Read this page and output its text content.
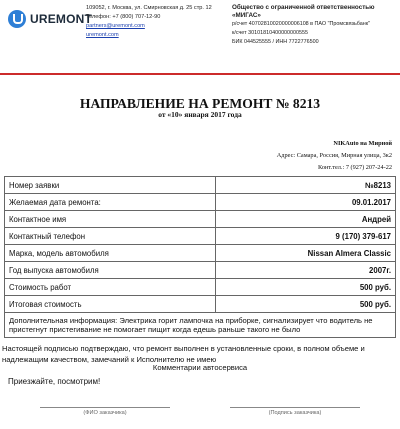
UREMONT
109052, г. Москва, ул. Смирновская д. 25 стр. 12
Телефон: +7 (800) 707-12-90
partners@uremont.com
uremont.com
Общество с ограниченной ответственностью «МИГАС»
р/счет 40702810020000006108 в ПАО "Промсвязьбанк"
к/счет 30101810400000000555
БИК 044525555 / ИНН 7722776500
НАПРАВЛЕНИЕ НА РЕМОНТ № 8213
от «10» января 2017 года
NIKAuto на Мирной
Адрес: Самара, Россия, Мирная улица, 3к2
Конт.тел.: 7 (927) 207-24-22
Номер заявки	№8213
Желаемая дата ремонта:	09.01.2017
Контактное имя	Андрей
Контактный телефон	9 (170) 379-617
Марка, модель автомобиля	Nissan Almera Classic
Год выпуска автомобиля	2007г.
Стоимость работ	500 руб.
Итоговая стоимость	500 руб.
Дополнительная информация: Электрика горит лампочка на приборке, сигнализирует что водитель не пристегнут пристегивание не помогает пищит когда едешь раньше такого не было	
Настоящей подписью подтверждаю, что ремонт выполнен в установленные сроки, в полном объеме и надлежащим качеством, замечаний к Исполнителю не имею
Комментарии автосервиса
Приезжайте, посмотрим!
(ФИО заказчика)	(Подпись заказчика)
